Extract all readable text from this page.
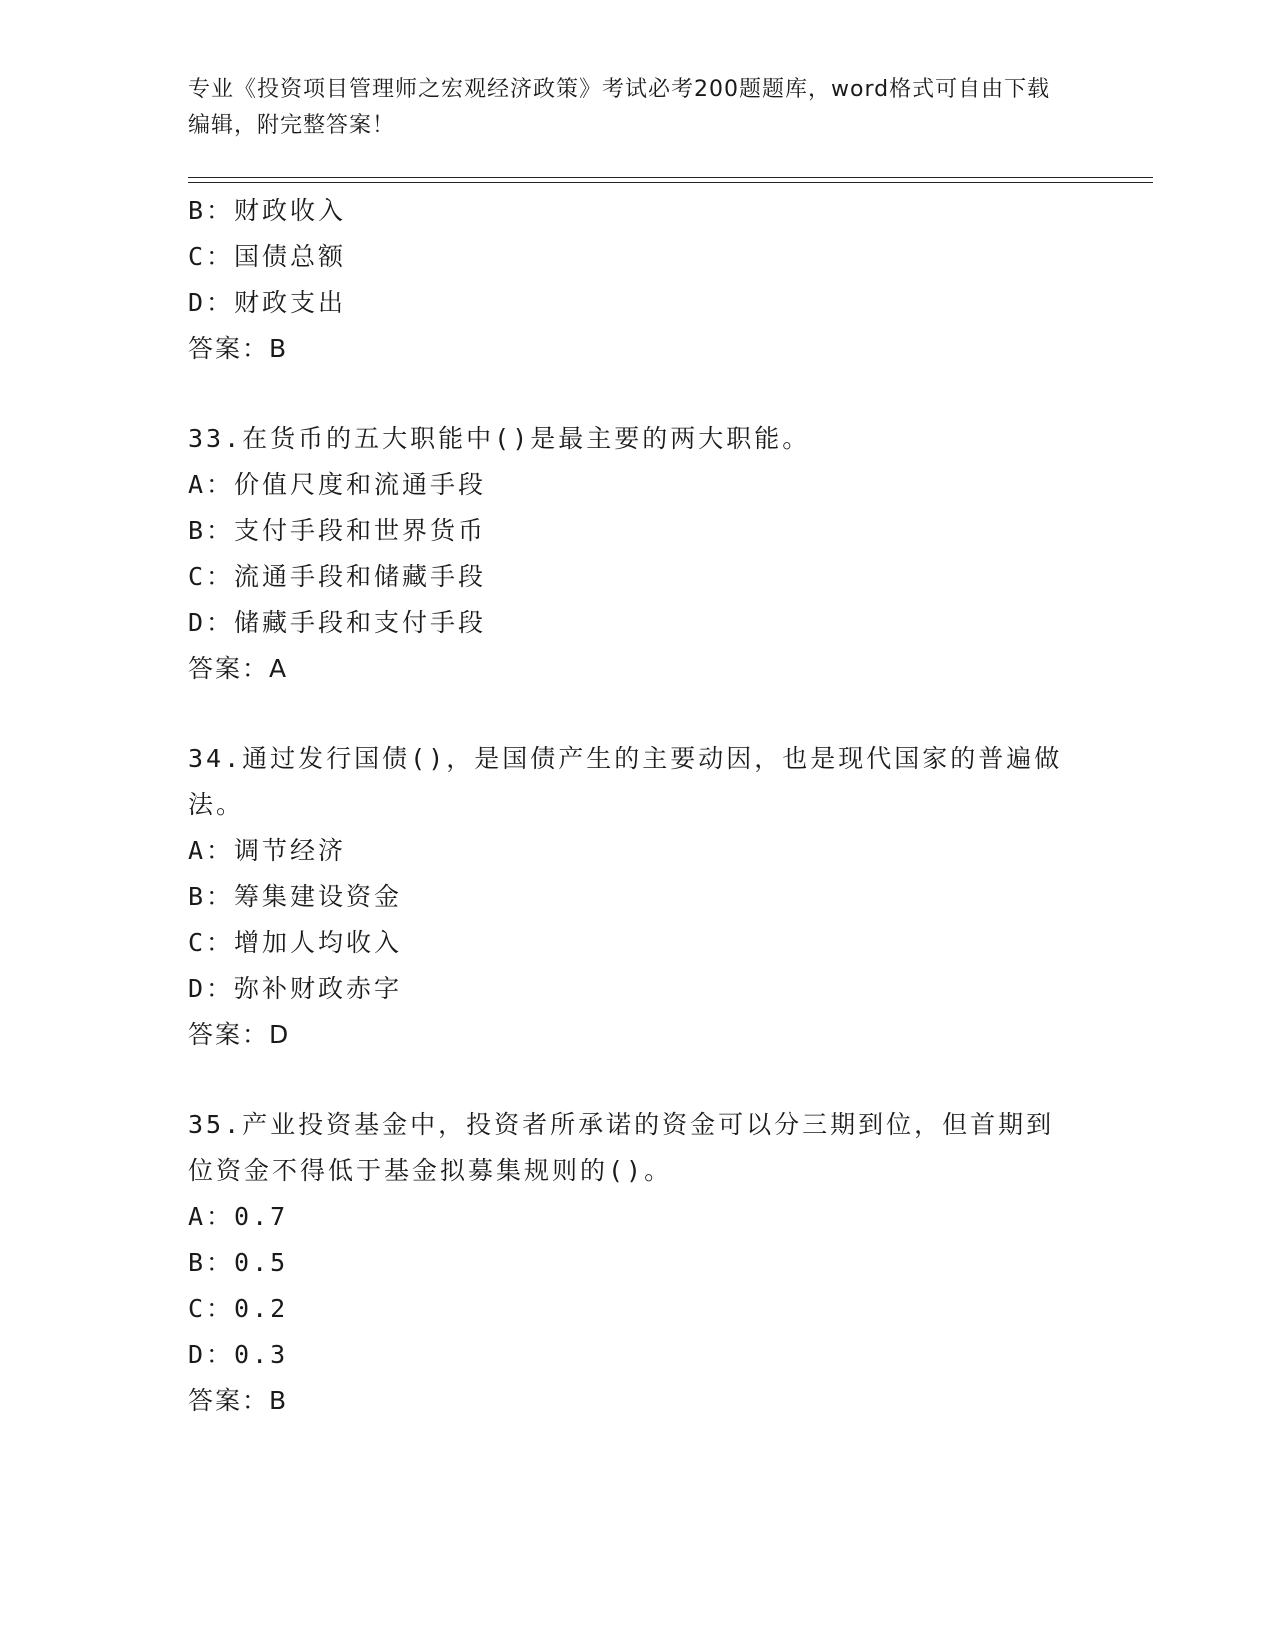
专业《投资项目管理师之宏观经济政策》考试必考200题题库，word格式可自由下载编辑，附完整答案！
B：财政收入
C：国债总额
D：财政支出
答案：B
33.在货币的五大职能中()是最主要的两大职能。
A：价值尺度和流通手段
B：支付手段和世界货币
C：流通手段和储藏手段
D：储藏手段和支付手段
答案：A
34.通过发行国债()，是国债产生的主要动因，也是现代国家的普遍做法。
A：调节经济
B：筹集建设资金
C：增加人均收入
D：弥补财政赤字
答案：D
35.产业投资基金中，投资者所承诺的资金可以分三期到位，但首期到位资金不得低于基金拟募集规则的()。
A：0.7
B：0.5
C：0.2
D：0.3
答案：B
